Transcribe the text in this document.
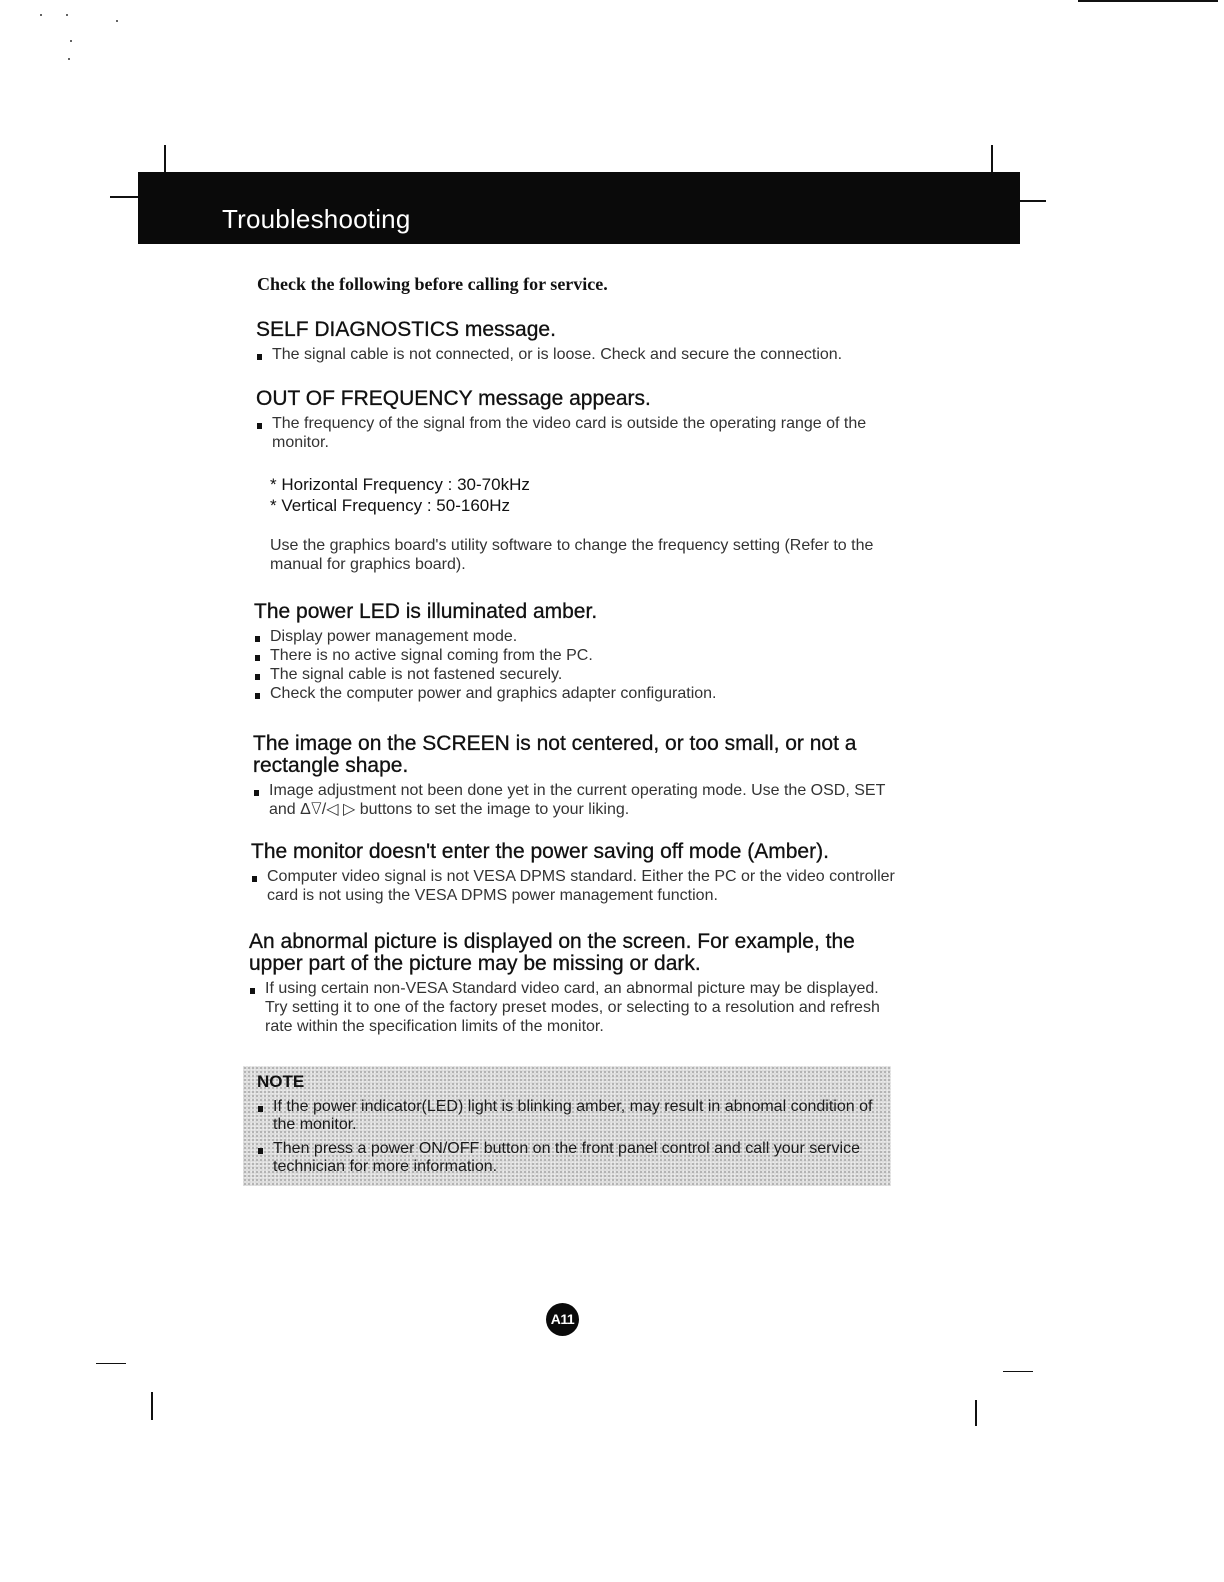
Troubleshooting
Check the following before calling for service.
SELF DIAGNOSTICS message.
The signal cable is not connected, or is loose. Check and secure the connection.
OUT OF FREQUENCY message appears.
The frequency of the signal from the video card is outside the operating range of the monitor.
* Horizontal Frequency : 30-70kHz
* Vertical Frequency : 50-160Hz
Use the graphics board's utility software to change the frequency setting (Refer to the manual for graphics board).
The power LED is illuminated amber.
Display power management mode.
There is no active signal coming from the PC.
The signal cable is not fastened securely.
Check the computer power and graphics adapter configuration.
The image on the SCREEN is not centered, or too small, or not a rectangle shape.
Image adjustment not been done yet in the current operating mode. Use the OSD, SET and Δ∇/◁ ▷ buttons to set the image to your liking.
The monitor doesn't enter the power saving off mode (Amber).
Computer video signal is not VESA DPMS standard. Either the PC or the video controller card is not using the VESA DPMS power management function.
An abnormal picture is displayed on the screen. For example, the upper part of the picture may be missing or dark.
If using certain non-VESA Standard video card, an abnormal picture may be displayed. Try setting it to one of the factory preset modes, or selecting to a resolution and refresh rate within the specification limits of the monitor.
NOTE
If the power indicator(LED) light is blinking amber, may result in abnomal condition of the monitor.
Then press a power ON/OFF button on the front panel control and call your service technician for more information.
A11
